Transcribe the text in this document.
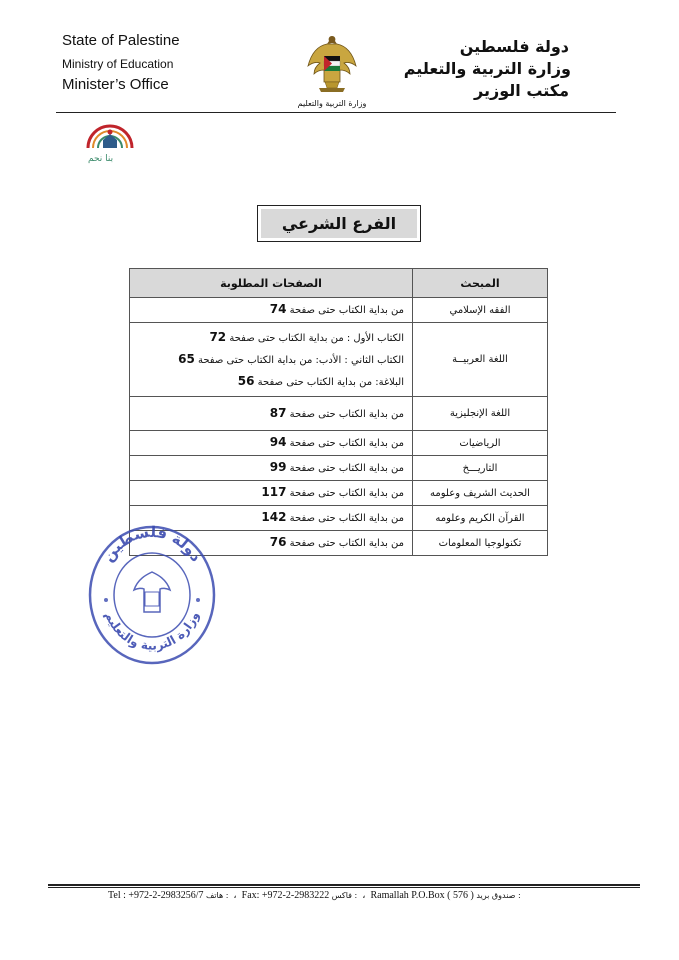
State of Palestine
Ministry of Education
Minister’s Office
دولة فلسطين
وزارة التربية والتعليم
مكتب الوزير
وزارة التربية والتعليم
بنا نحم
الفرع الشرعي
المبحث	الصفحات المطلوبة
الفقه الإسلامي	من بداية الكتاب حتى صفحة 74

اللغة العربيــة	الكتاب الأول : من بداية الكتاب حتى صفحة 72
الكتاب الثاني : الأدب: من بداية الكتاب حتى صفحة 65
البلاغة: من بداية الكتاب حتى صفحة 56

اللغة الإنجليزية	من بداية الكتاب حتى صفحة 87

الرياضيات	من بداية الكتاب حتى صفحة 94

التاريـــخ	من بداية الكتاب حتى صفحة 99

الحديث الشريف وعلومه	من بداية الكتاب حتى صفحة 117

القرآن الكريم وعلومه	من بداية الكتاب حتى صفحة 142

تكنولوجيا المعلومات	من بداية الكتاب حتى صفحة 76
دولة فلسطين
وزارة التربية والتعليم
Tel : +972-2-2983256/7 : هاتف  ،  Fax: +972-2-2983222 : فاكس  ،  Ramallah P.O.Box ( 576 ) : صندوق بريد
